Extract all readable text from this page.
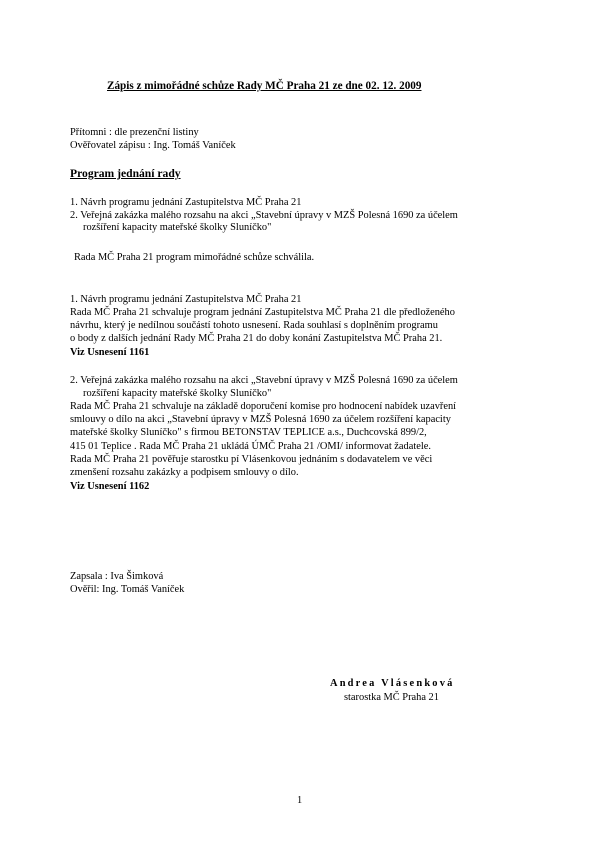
Zápis z mimořádné schůze Rady MČ Praha 21 ze dne 02. 12. 2009

Přítomni : dle prezenční listiny

Ověřovatel zápisu : Ing. Tomáš Vaníček

Program jednání rady

1. Návrh programu jednání Zastupitelstva MČ Praha 21

2. Veřejná zakázka malého rozsahu na akci „Stavební úpravy v MZŠ Polesná 1690 za účelem

rozšíření kapacity mateřské školky Sluníčko"

Rada MČ Praha 21 program mimořádné schůze schválila.

1. Návrh programu jednání Zastupitelstva MČ Praha 21

Rada MČ Praha 21 schvaluje program jednání Zastupitelstva MČ Praha 21 dle předloženého

návrhu, který je nedílnou součástí tohoto usnesení. Rada souhlasí s doplněním programu

o body z dalších jednání Rady MČ Praha 21 do doby konání Zastupitelstva MČ Praha 21.

Viz Usnesení 1161

2. Veřejná zakázka malého rozsahu na akci „Stavební úpravy v MZŠ Polesná 1690 za účelem

rozšíření kapacity mateřské školky Sluníčko"

Rada MČ Praha 21 schvaluje na základě doporučení komise pro hodnocení nabídek uzavření

smlouvy o dílo na akci „Stavební úpravy v MZŠ Polesná 1690 za účelem rozšíření kapacity

mateřské školky Sluníčko" s firmou BETONSTAV TEPLICE a.s., Duchcovská 899/2,

415 01 Teplice . Rada MČ Praha 21 ukládá ÚMČ Praha 21 /OMI/ informovat žadatele.

Rada MČ Praha 21 pověřuje starostku pí Vlásenkovou jednáním s dodavatelem ve věci

zmenšení rozsahu zakázky a podpisem smlouvy o dílo.

Viz Usnesení 1162

Zapsala : Iva Šimková

Ověřil: Ing. Tomáš Vaníček

Andrea Vlásenková

starostka MČ Praha 21

1
